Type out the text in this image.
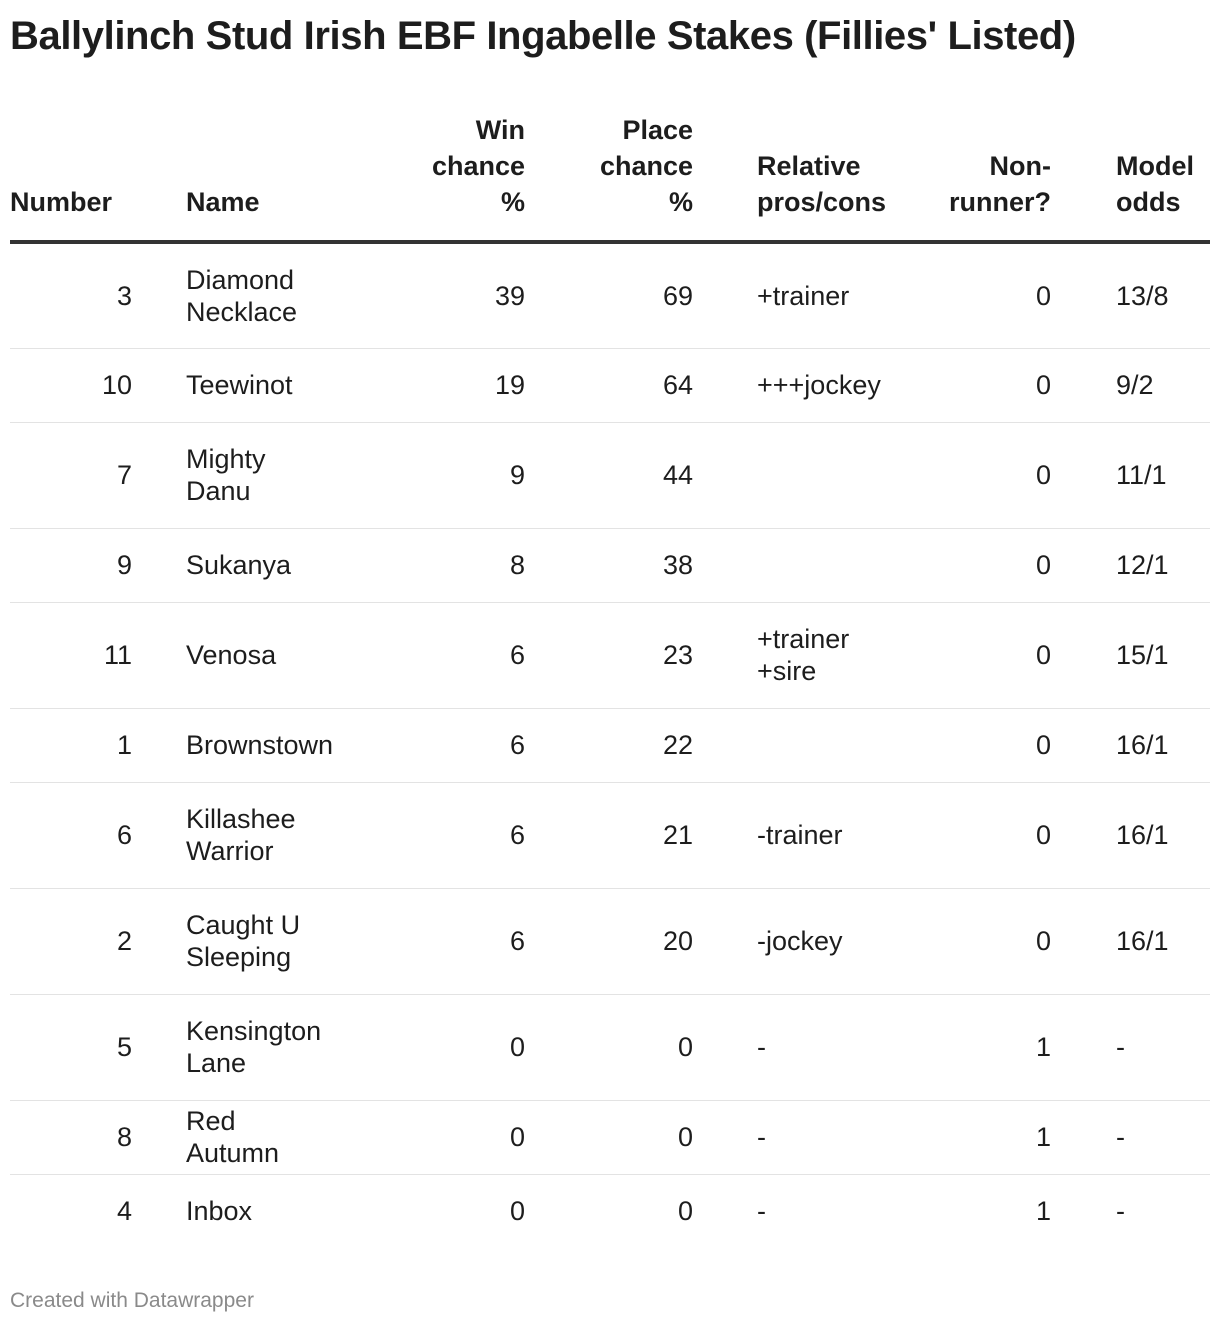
Ballylinch Stud Irish EBF Ingabelle Stakes (Fillies' Listed)
Number	Name	Win chance %	Place chance %	Relative pros/cons	Non-runner?	Model odds
3	Diamond Necklace	39	69	+trainer	0	13/8
10	Teewinot	19	64	+++jockey	0	9/2
7	Mighty Danu	9	44		0	11/1
9	Sukanya	8	38		0	12/1
11	Venosa	6	23	+trainer +sire	0	15/1
1	Brownstown	6	22		0	16/1
6	Killashee Warrior	6	21	-trainer	0	16/1
2	Caught U Sleeping	6	20	-jockey	0	16/1
5	Kensington Lane	0	0	-	1	-
8	Red Autumn	0	0	-	1	-
4	Inbox	0	0	-	1	-
Created with Datawrapper
